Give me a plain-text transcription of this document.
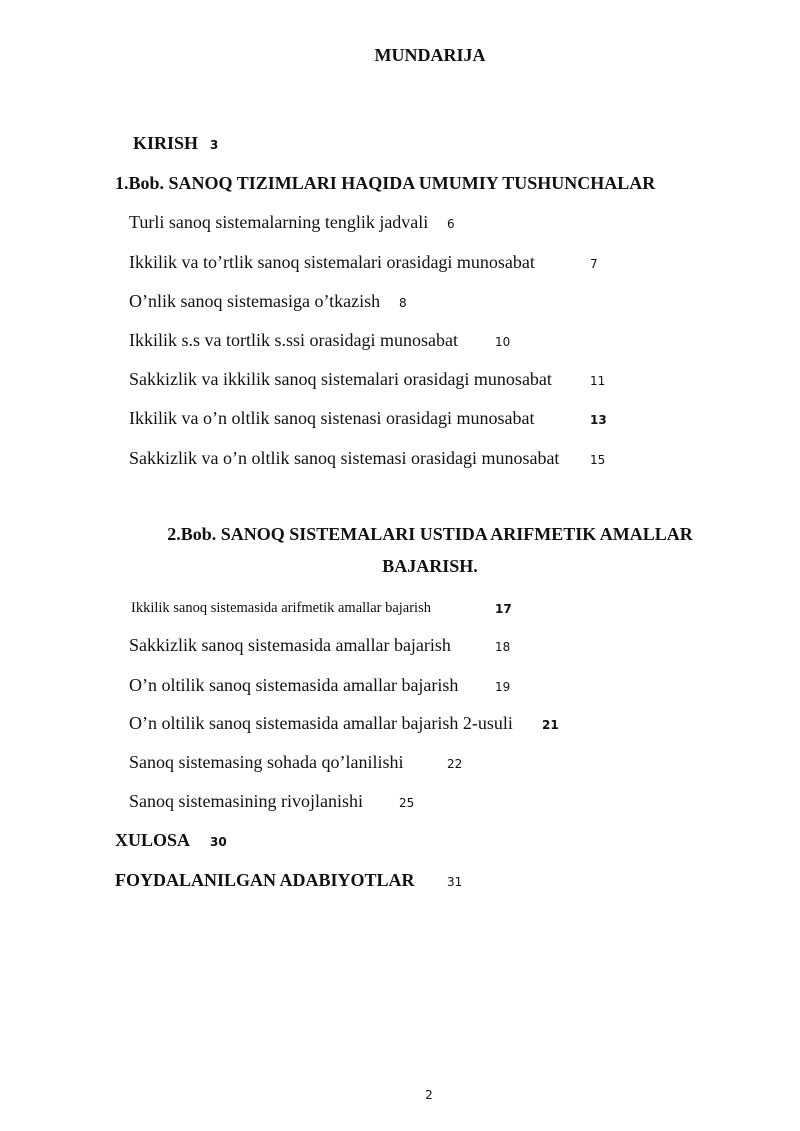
MUNDARIJA
KIRISH 3
1.Bob. SANOQ TIZIMLARI HAQIDA UMUMIY TUSHUNCHALAR
Turli sanoq sistemalarning tenglik jadvali 6
Ikkilik va to’rtlik sanoq sistemalari orasidagi munosabat	7
O’nlik sanoq sistemasiga o’tkazish 8
Ikkilik s.s va tortlik s.ssi orasidagi munosabat	10
Sakkizlik va ikkilik sanoq sistemalari orasidagi munosabat	11
Ikkilik va o’n oltlik sanoq sistenasi orasidagi munosabat	13
Sakkizlik va o’n oltlik sanoq sistemasi orasidagi munosabat	15
2.Bob. SANOQ SISTEMALARI USTIDA ARIFMETIK AMALLAR
BAJARISH.
Ikkilik sanoq sistemasida arifmetik amallar bajarish	17
Sakkizlik sanoq sistemasida amallar bajarish	18
O’n oltilik sanoq sistemasida amallar bajarish	19
O’n oltilik sanoq sistemasida amallar bajarish 2-usuli 21
Sanoq sistemasing sohada qo’lanilishi	22
Sanoq sistemasining rivojlanishi	25
XULOSA 30
FOYDALANILGAN ADABIYOTLAR	31
2
